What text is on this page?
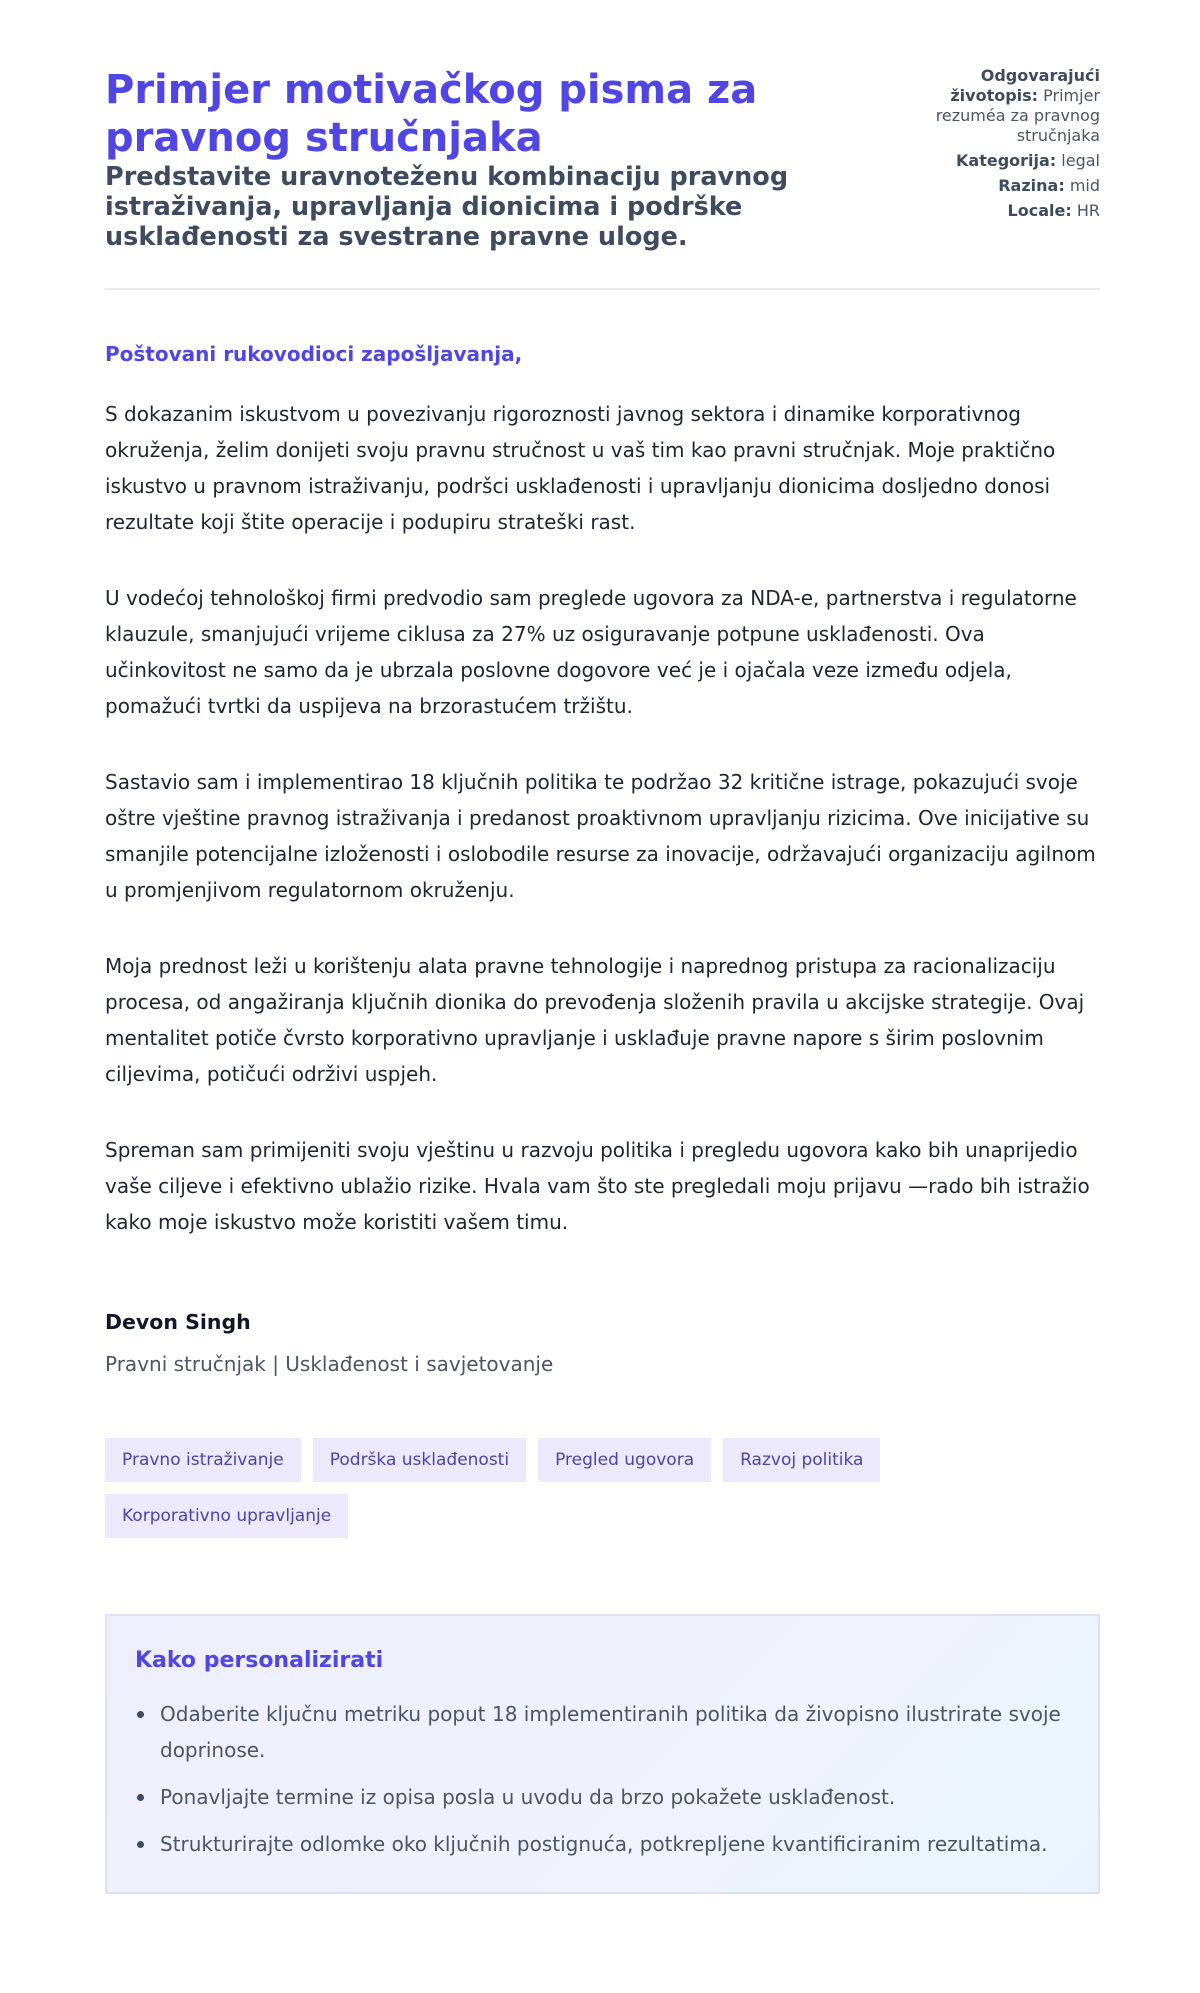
Primjer motivačkog pisma za pravnog stručnjaka
Predstavite uravnoteženu kombinaciju pravnog istraživanja, upravljanja dionicima i podrške usklađenosti za svestrane pravne uloge.
Odgovarajući životopis: Primjer rezuméa za pravnog stručnjaka
Kategorija: legal
Razina: mid
Locale: HR

Poštovani rukovodioci zapošljavanja,

S dokazanim iskustvom u povezivanju rigoroznosti javnog sektora i dinamike korporativnog okruženja, želim donijeti svoju pravnu stručnost u vaš tim kao pravni stručnjak. Moje praktično iskustvo u pravnom istraživanju, podršci usklađenosti i upravljanju dionicima dosljedno donosi rezultate koji štite operacije i podupiru strateški rast.

U vodećoj tehnološkoj firmi predvodio sam preglede ugovora za NDA-e, partnerstva i regulatorne klauzule, smanjujući vrijeme ciklusa za 27% uz osiguravanje potpune usklađenosti. Ova učinkovitost ne samo da je ubrzala poslovne dogovore već je i ojačala veze između odjela, pomažući tvrtki da uspijeva na brzorastućem tržištu.

Sastavio sam i implementirao 18 ključnih politika te podržao 32 kritične istrage, pokazujući svoje oštre vještine pravnog istraživanja i predanost proaktivnom upravljanju rizicima. Ove inicijative su smanjile potencijalne izloženosti i oslobodile resurse za inovacije, održavajući organizaciju agilnom u promjenjivom regulatornom okruženju.

Moja prednost leži u korištenju alata pravne tehnologije i naprednog pristupa za racionalizaciju procesa, od angažiranja ključnih dionika do prevođenja složenih pravila u akcijske strategije. Ovaj mentalitet potiče čvrsto korporativno upravljanje i usklađuje pravne napore s širim poslovnim ciljevima, potičući održivi uspjeh.

Spreman sam primijeniti svoju vještinu u razvoju politika i pregledu ugovora kako bih unaprijedio vaše ciljeve i efektivno ublažio rizike. Hvala vam što ste pregledali moju prijavu —rado bih istražio kako moje iskustvo može koristiti vašem timu.

Devon Singh
Pravni stručnjak | Usklađenost i savjetovanje
Pravno istraživanje	Podrška usklađenosti	Pregled ugovora	Razvoj politika
Korporativno upravljanje
Kako personalizirati
Odaberite ključnu metriku poput 18 implementiranih politika da živopisno ilustrirate svoje doprinose.
Ponavljajte termine iz opisa posla u uvodu da brzo pokažete usklađenost.
Strukturirajte odlomke oko ključnih postignuća, potkrepljene kvantificiranim rezultatima.
